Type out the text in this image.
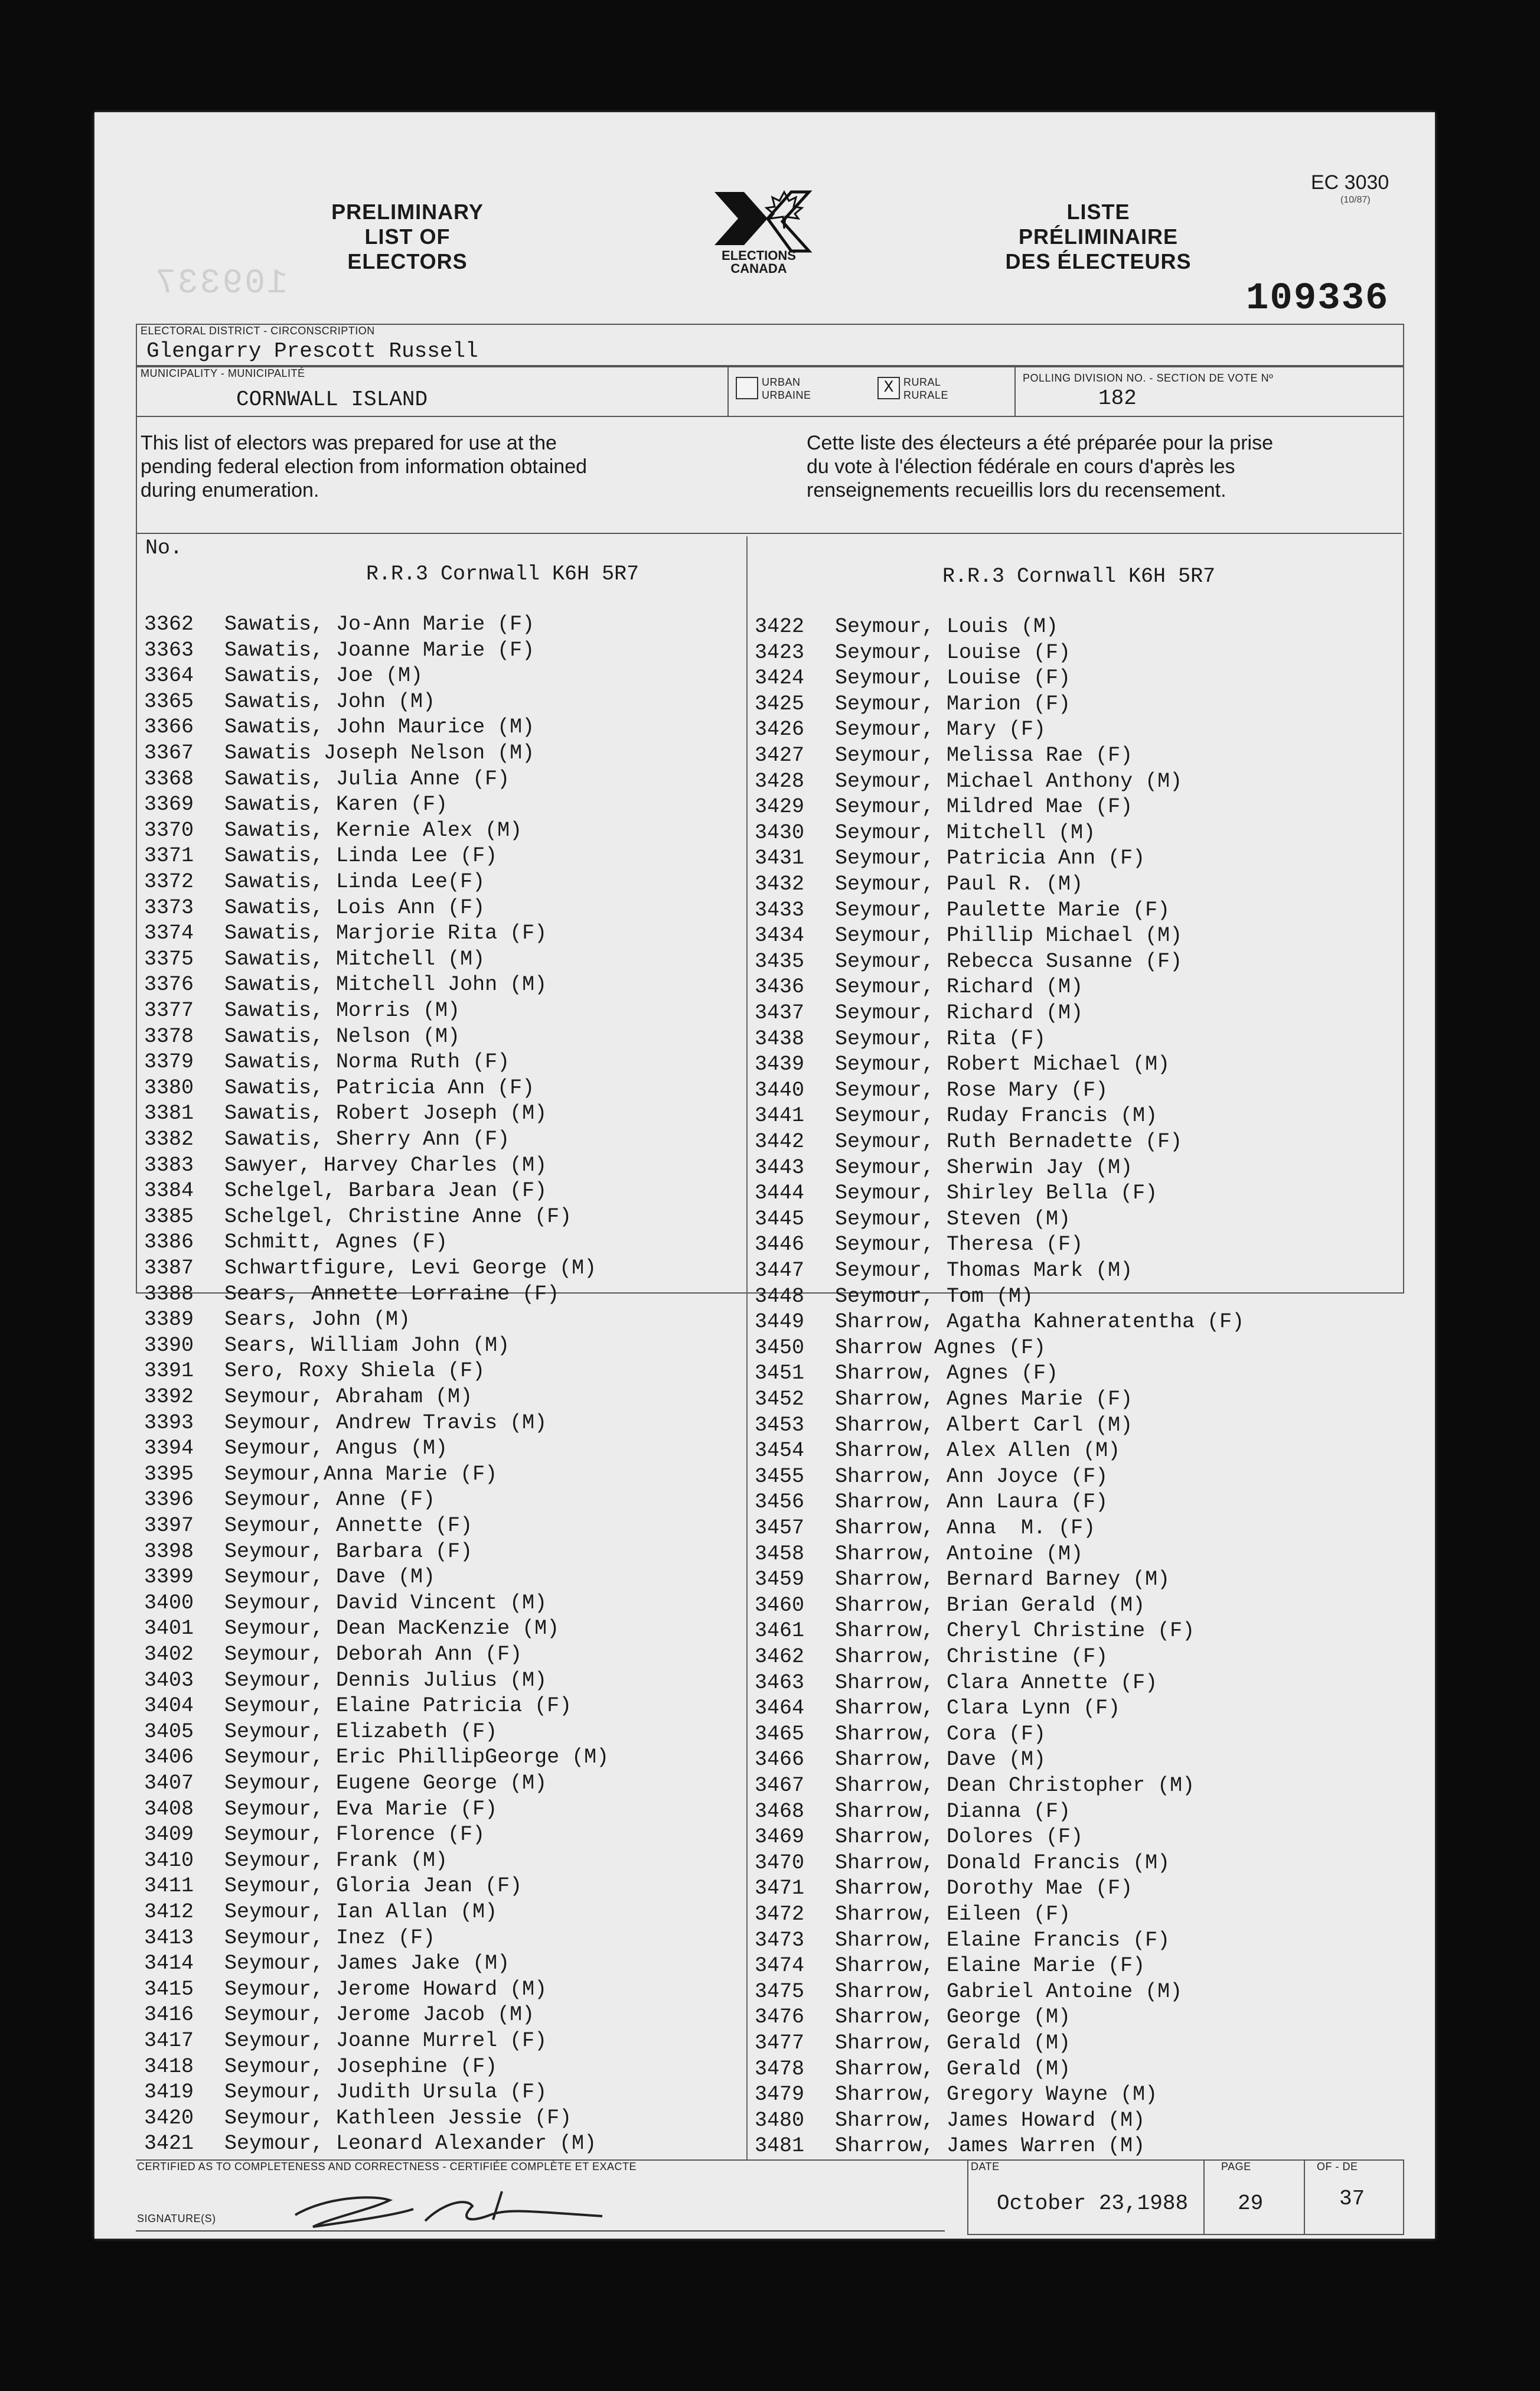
PRELIMINARY
LIST OF
ELECTORS	ELECTIONS
CANADA
LISTE
PRÉLIMINAIRE
DES ÉLECTEURS
EC 3030
(10/87)
109337	109336
ELECTORAL DISTRICT - CIRCONSCRIPTION
Glengarry Prescott Russell
MUNICIPALITY - MUNICIPALITÉ
CORNWALL ISLAND
URBAN
URBAINE	X RURAL
RURALE
POLLING DIVISION NO. - SECTION DE VOTE Nº
182
This list of electors was prepared for use at the
pending federal election from information obtained
during enumeration.
Cette liste des électeurs a été préparée pour la prise
du vote à l'élection fédérale en cours d'après les
renseignements recueillis lors du recensement.
No.
R.R.3 Cornwall K6H 5R7	R.R.3 Cornwall K6H 5R7
3362 Sawatis, Jo-Ann Marie (F)
3363 Sawatis, Joanne Marie (F)
3364 Sawatis, Joe (M)
3365 Sawatis, John (M)
3366 Sawatis, John Maurice (M)
3367 Sawatis Joseph Nelson (M)
3368 Sawatis, Julia Anne (F)
3369 Sawatis, Karen (F)
3370 Sawatis, Kernie Alex (M)
3371 Sawatis, Linda Lee (F)
3372 Sawatis, Linda Lee(F)
3373 Sawatis, Lois Ann (F)
3374 Sawatis, Marjorie Rita (F)
3375 Sawatis, Mitchell (M)
3376 Sawatis, Mitchell John (M)
3377 Sawatis, Morris (M)
3378 Sawatis, Nelson (M)
3379 Sawatis, Norma Ruth (F)
3380 Sawatis, Patricia Ann (F)
3381 Sawatis, Robert Joseph (M)
3382 Sawatis, Sherry Ann (F)
3383 Sawyer, Harvey Charles (M)
3384 Schelgel, Barbara Jean (F)
3385 Schelgel, Christine Anne (F)
3386 Schmitt, Agnes (F)
3387 Schwartfigure, Levi George (M)
3388 Sears, Annette Lorraine (F)
3389 Sears, John (M)
3390 Sears, William John (M)
3391 Sero, Roxy Shiela (F)
3392 Seymour, Abraham (M)
3393 Seymour, Andrew Travis (M)
3394 Seymour, Angus (M)
3395 Seymour,Anna Marie (F)
3396 Seymour, Anne (F)
3397 Seymour, Annette (F)
3398 Seymour, Barbara (F)
3399 Seymour, Dave (M)
3400 Seymour, David Vincent (M)
3401 Seymour, Dean MacKenzie (M)
3402 Seymour, Deborah Ann (F)
3403 Seymour, Dennis Julius (M)
3404 Seymour, Elaine Patricia (F)
3405 Seymour, Elizabeth (F)
3406 Seymour, Eric PhillipGeorge (M)
3407 Seymour, Eugene George (M)
3408 Seymour, Eva Marie (F)
3409 Seymour, Florence (F)
3410 Seymour, Frank (M)
3411 Seymour, Gloria Jean (F)
3412 Seymour, Ian Allan (M)
3413 Seymour, Inez (F)
3414 Seymour, James Jake (M)
3415 Seymour, Jerome Howard (M)
3416 Seymour, Jerome Jacob (M)
3417 Seymour, Joanne Murrel (F)
3418 Seymour, Josephine (F)
3419 Seymour, Judith Ursula (F)
3420 Seymour, Kathleen Jessie (F)
3421 Seymour, Leonard Alexander (M)
3422 Seymour, Louis (M)
3423 Seymour, Louise (F)
3424 Seymour, Louise (F)
3425 Seymour, Marion (F)
3426 Seymour, Mary (F)
3427 Seymour, Melissa Rae (F)
3428 Seymour, Michael Anthony (M)
3429 Seymour, Mildred Mae (F)
3430 Seymour, Mitchell (M)
3431 Seymour, Patricia Ann (F)
3432 Seymour, Paul R. (M)
3433 Seymour, Paulette Marie (F)
3434 Seymour, Phillip Michael (M)
3435 Seymour, Rebecca Susanne (F)
3436 Seymour, Richard (M)
3437 Seymour, Richard (M)
3438 Seymour, Rita (F)
3439 Seymour, Robert Michael (M)
3440 Seymour, Rose Mary (F)
3441 Seymour, Ruday Francis (M)
3442 Seymour, Ruth Bernadette (F)
3443 Seymour, Sherwin Jay (M)
3444 Seymour, Shirley Bella (F)
3445 Seymour, Steven (M)
3446 Seymour, Theresa (F)
3447 Seymour, Thomas Mark (M)
3448 Seymour, Tom (M)
3449 Sharrow, Agatha Kahneratentha (F)
3450 Sharrow Agnes (F)
3451 Sharrow, Agnes (F)
3452 Sharrow, Agnes Marie (F)
3453 Sharrow, Albert Carl (M)
3454 Sharrow, Alex Allen (M)
3455 Sharrow, Ann Joyce (F)
3456 Sharrow, Ann Laura (F)
3457 Sharrow, Anna  M. (F)
3458 Sharrow, Antoine (M)
3459 Sharrow, Bernard Barney (M)
3460 Sharrow, Brian Gerald (M)
3461 Sharrow, Cheryl Christine (F)
3462 Sharrow, Christine (F)
3463 Sharrow, Clara Annette (F)
3464 Sharrow, Clara Lynn (F)
3465 Sharrow, Cora (F)
3466 Sharrow, Dave (M)
3467 Sharrow, Dean Christopher (M)
3468 Sharrow, Dianna (F)
3469 Sharrow, Dolores (F)
3470 Sharrow, Donald Francis (M)
3471 Sharrow, Dorothy Mae (F)
3472 Sharrow, Eileen (F)
3473 Sharrow, Elaine Francis (F)
3474 Sharrow, Elaine Marie (F)
3475 Sharrow, Gabriel Antoine (M)
3476 Sharrow, George (M)
3477 Sharrow, Gerald (M)
3478 Sharrow, Gerald (M)
3479 Sharrow, Gregory Wayne (M)
3480 Sharrow, James Howard (M)
3481 Sharrow, James Warren (M)
CERTIFIED AS TO COMPLETENESS AND CORRECTNESS - CERTIFIÉE COMPLÈTE ET EXACTE
SIGNATURE(S)
DATE
October 23,1988
PAGE
29
OF - DE
37
